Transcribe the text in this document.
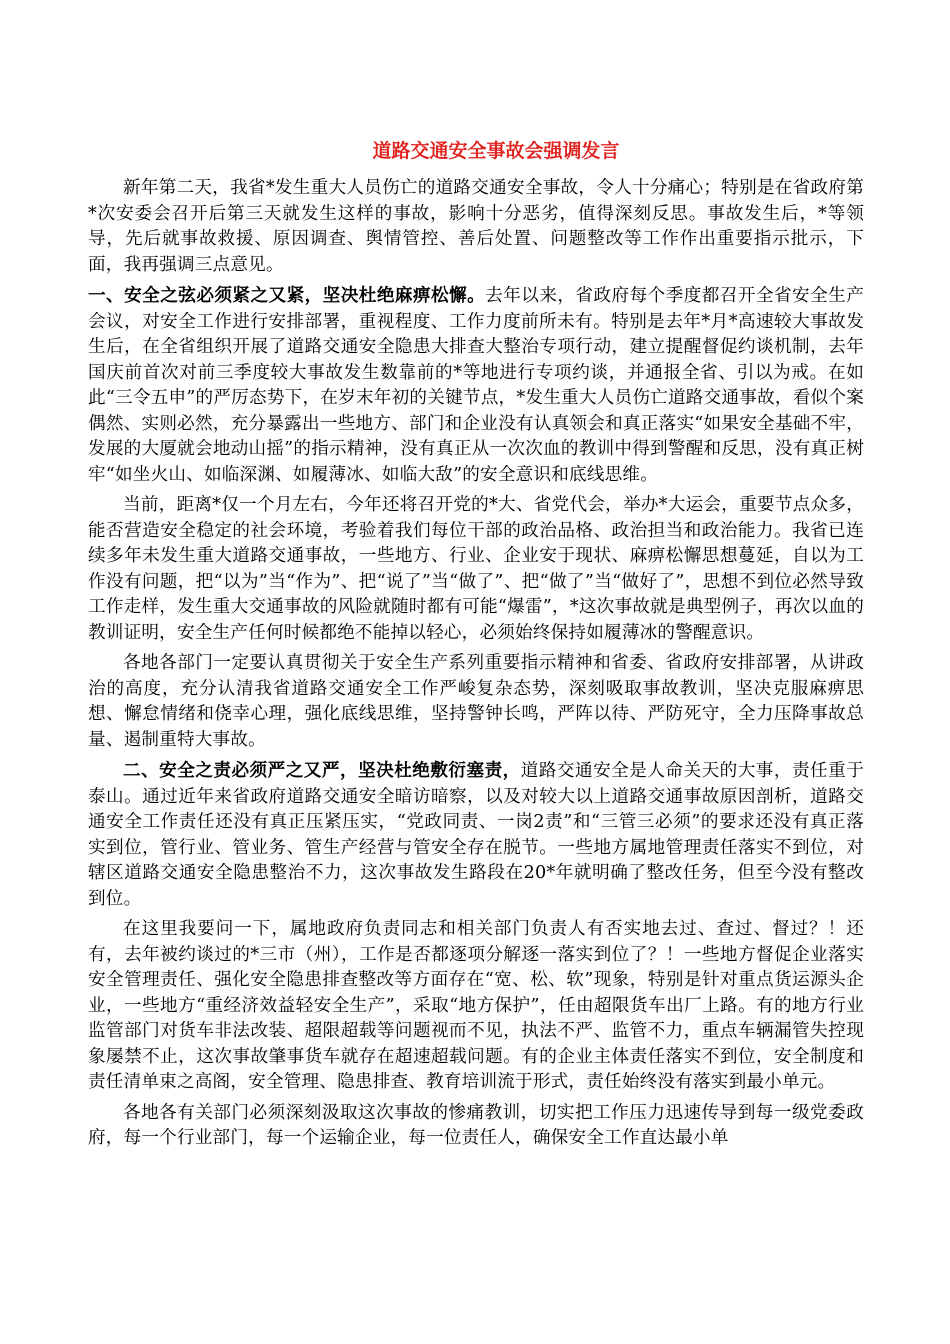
道路交通安全事故会强调发言

新年第二天，我省*发生重大人员伤亡的道路交通安全事故，令人十分痛心；特别是在省政府第*次安委会召开后第三天就发生这样的事故，影响十分恶劣，值得深刻反思。事故发生后，*等领导，先后就事故救援、原因调查、舆情管控、善后处置、问题整改等工作作出重要指示批示，下面，我再强调三点意见。

一、安全之弦必须紧之又紧，坚决杜绝麻痹松懈。去年以来，省政府每个季度都召开全省安全生产会议，对安全工作进行安排部署，重视程度、工作力度前所未有。特别是去年*月*高速较大事故发生后，在全省组织开展了道路交通安全隐患大排查大整治专项行动，建立提醒督促约谈机制，去年国庆前首次对前三季度较大事故发生数靠前的*等地进行专项约谈，并通报全省、引以为戒。在如此“三令五申”的严厉态势下，在岁末年初的关键节点，*发生重大人员伤亡道路交通事故，看似个案偶然、实则必然，充分暴露出一些地方、部门和企业没有认真领会和真正落实“如果安全基础不牢，发展的大厦就会地动山摇”的指示精神，没有真正从一次次血的教训中得到警醒和反思，没有真正树牢“如坐火山、如临深渊、如履薄冰、如临大敌”的安全意识和底线思维。

当前，距离*仅一个月左右，今年还将召开党的*大、省党代会，举办*大运会，重要节点众多，能否营造安全稳定的社会环境，考验着我们每位干部的政治品格、政治担当和政治能力。我省已连续多年未发生重大道路交通事故，一些地方、行业、企业安于现状、麻痹松懈思想蔓延，自以为工作没有问题，把“以为”当“作为”、把“说了”当“做了”、把“做了”当“做好了”，思想不到位必然导致工作走样，发生重大交通事故的风险就随时都有可能“爆雷”，*这次事故就是典型例子，再次以血的教训证明，安全生产任何时候都绝不能掉以轻心，必须始终保持如履薄冰的警醒意识。

各地各部门一定要认真贯彻关于安全生产系列重要指示精神和省委、省政府安排部署，从讲政治的高度，充分认清我省道路交通安全工作严峻复杂态势，深刻吸取事故教训，坚决克服麻痹思想、懈怠情绪和侥幸心理，强化底线思维，坚持警钟长鸣，严阵以待、严防死守，全力压降事故总量、遏制重特大事故。

二、安全之责必须严之又严，坚决杜绝敷衍塞责，道路交通安全是人命关天的大事，责任重于泰山。通过近年来省政府道路交通安全暗访暗察，以及对较大以上道路交通事故原因剖析，道路交通安全工作责任还没有真正压紧压实，“党政同责、一岗2责”和“三管三必须”的要求还没有真正落实到位，管行业、管业务、管生产经营与管安全存在脱节。一些地方属地管理责任落实不到位，对辖区道路交通安全隐患整治不力，这次事故发生路段在20*年就明确了整改任务，但至今没有整改到位。

在这里我要问一下，属地政府负责同志和相关部门负责人有否实地去过、查过、督过？！还有，去年被约谈过的*三市（州），工作是否都逐项分解逐一落实到位了？！一些地方督促企业落实安全管理责任、强化安全隐患排查整改等方面存在“宽、松、软”现象，特别是针对重点货运源头企业，一些地方“重经济效益轻安全生产”，采取“地方保护”，任由超限货车出厂上路。有的地方行业监管部门对货车非法改装、超限超载等问题视而不见，执法不严、监管不力，重点车辆漏管失控现象屡禁不止，这次事故肇事货车就存在超速超载问题。有的企业主体责任落实不到位，安全制度和责任清单束之高阁，安全管理、隐患排查、教育培训流于形式，责任始终没有落实到最小单元。

各地各有关部门必须深刻汲取这次事故的惨痛教训，切实把工作压力迅速传导到每一级党委政府，每一个行业部门，每一个运输企业，每一位责任人，确保安全工作直达最小单
